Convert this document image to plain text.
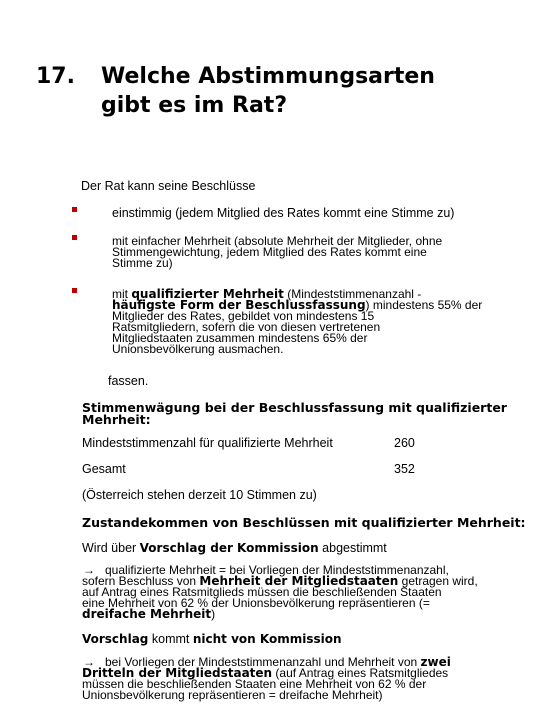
17. Welche Abstimmungsarten
gibt es im Rat?
Der Rat kann seine Beschlüsse
einstimmig (jedem Mitglied des Rates kommt eine Stimme zu)
mit einfacher Mehrheit (absolute Mehrheit der Mitglieder, ohne
Stimmengewichtung, jedem Mitglied des Rates kommt eine
Stimme zu)
mit qualifizierter Mehrheit (Mindeststimmenanzahl -
häufigste Form der Beschlussfassung) mindestens 55% der
Mitglieder des Rates, gebildet von mindestens 15
Ratsmitgliedern, sofern die von diesen vertretenen
Mitgliedstaaten zusammen mindestens 65% der
Unionsbevölkerung ausmachen.
fassen.
Stimmenwägung bei der Beschlussfassung mit qualifizierter
Mehrheit:
Mindeststimmenzahl für qualifizierte Mehrheit	260
Gesamt	352
(Österreich stehen derzeit 10 Stimmen zu)
Zustandekommen von Beschlüssen mit qualifizierter Mehrheit:
Wird über Vorschlag der Kommission abgestimmt
→ qualifizierte Mehrheit = bei Vorliegen der Mindeststimmenanzahl,
sofern Beschluss von Mehrheit der Mitgliedstaaten getragen wird,
auf Antrag eines Ratsmitglieds müssen die beschließenden Staaten
eine Mehrheit von 62 % der Unionsbevölkerung repräsentieren (=
dreifache Mehrheit)
Vorschlag kommt nicht von Kommission
→ bei Vorliegen der Mindeststimmenanzahl und Mehrheit von zwei
Dritteln der Mitgliedstaaten (auf Antrag eines Ratsmitgliedes
müssen die beschließenden Staaten eine Mehrheit von 62 % der
Unionsbevölkerung repräsentieren = dreifache Mehrheit)
